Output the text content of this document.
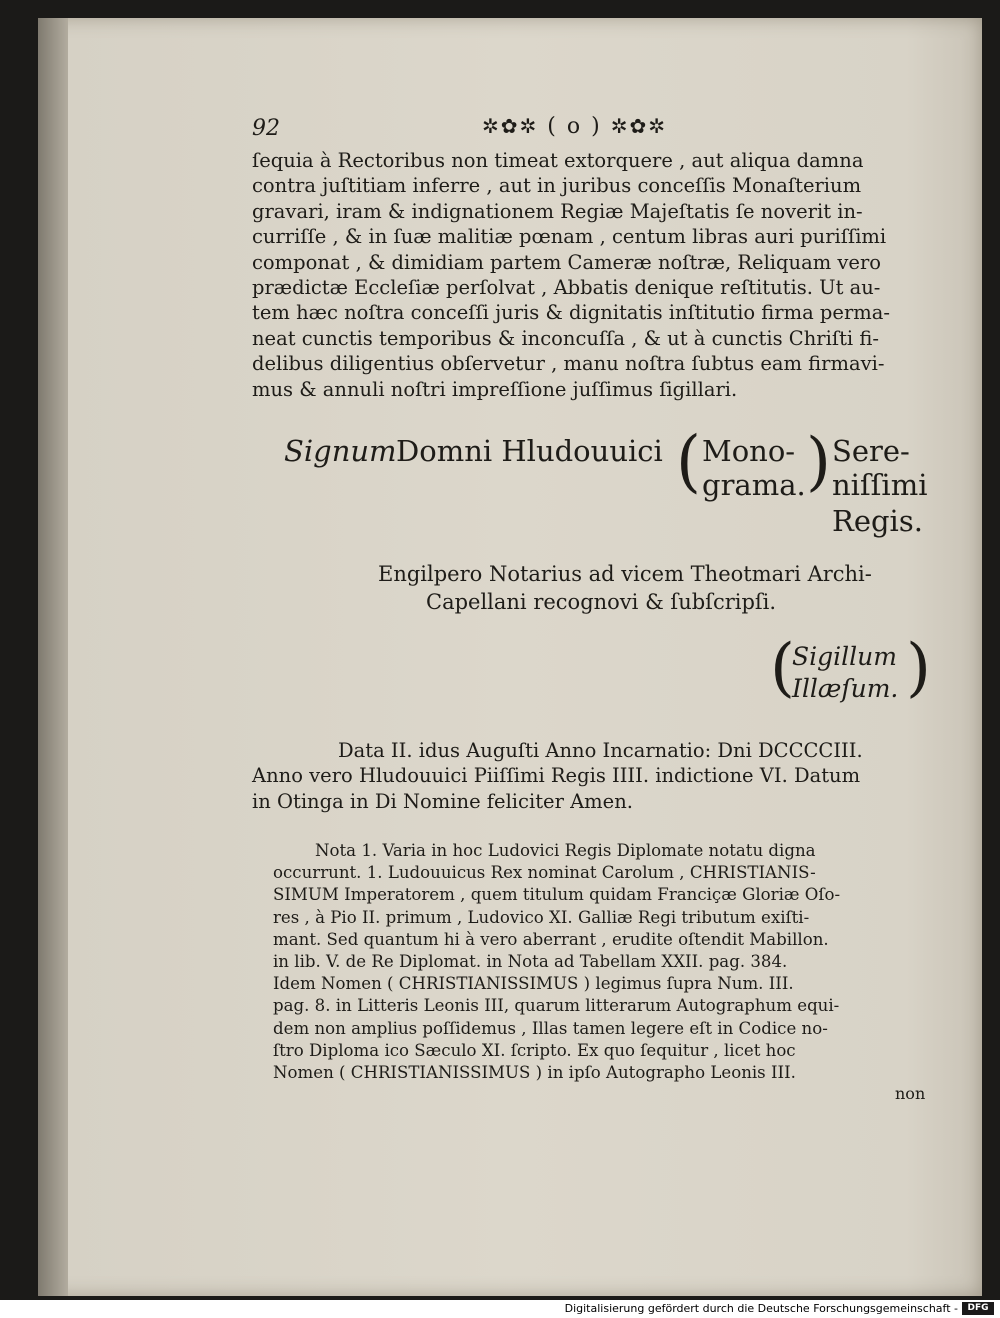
92	✲✿✲ ( o ) ✲✿✲
ſequia à Rectoribus non timeat extorquere , aut aliqua damna
contra juſtitiam inferre , aut in juribus conceſſis Monaſterium
gravari, iram & indignationem Regiæ Majeſtatis ſe noverit in-
curriſſe , & in ſuæ malitiæ pœnam , centum libras auri puriſſimi
componat , & dimidiam partem Cameræ noſtræ, Reliquam vero
prædictæ Eccleſiæ perſolvat , Abbatis denique reſtitutis. Ut au-
tem hæc noſtra conceſſi juris & dignitatis inſtitutio firma perma-
neat cunctis temporibus & inconcuſſa , & ut à cunctis Chriſti fi-
delibus diligentius obſervetur , manu noſtra ſubtus eam firmavi-
mus & annuli noſtri impreſſione juſſimus ſigillari.
Signum Domni Hludouuici ( Mono-
grama. ) Sere-
niſſimi
Regis.
Engilpero Notarius ad vicem Theotmari Archi-
Capellani recognovi & ſubſcripſi.
(
Sigillum
Illæſum. )
Data II. idus Auguſti Anno Incarnatio: Dni DCCCCIII.
Anno vero Hludouuici Piiſſimi Regis IIII. indictione VI. Datum
in Otinga in Di Nomine feliciter Amen.
Nota 1. Varia in hoc Ludovici Regis Diplomate notatu digna
occurrunt. 1. Ludouuicus Rex nominat Carolum , CHRISTIANIS-
SIMUM Imperatorem , quem titulum quidam Franciçæ Gloriæ Oſo-
res , à Pio II. primum , Ludovico XI. Galliæ Regi tributum exiſti-
mant. Sed quantum hi à vero aberrant , erudite oſtendit Mabillon.
in lib. V. de Re Diplomat. in Nota ad Tabellam XXII. pag. 384.
Idem Nomen ( CHRISTIANISSIMUS ) legimus ſupra Num. III.
pag. 8. in Litteris Leonis III, quarum litterarum Autographum equi-
dem non amplius poſſidemus , Illas tamen legere eſt in Codice no-
ſtro Diploma ico Sæculo XI. ſcripto. Ex quo ſequitur , licet hoc
Nomen ( CHRISTIANISSIMUS ) in ipſo Autographo Leonis III.
non
Digitalisierung gefördert durch die Deutsche Forschungsgemeinschaft -	DFG
